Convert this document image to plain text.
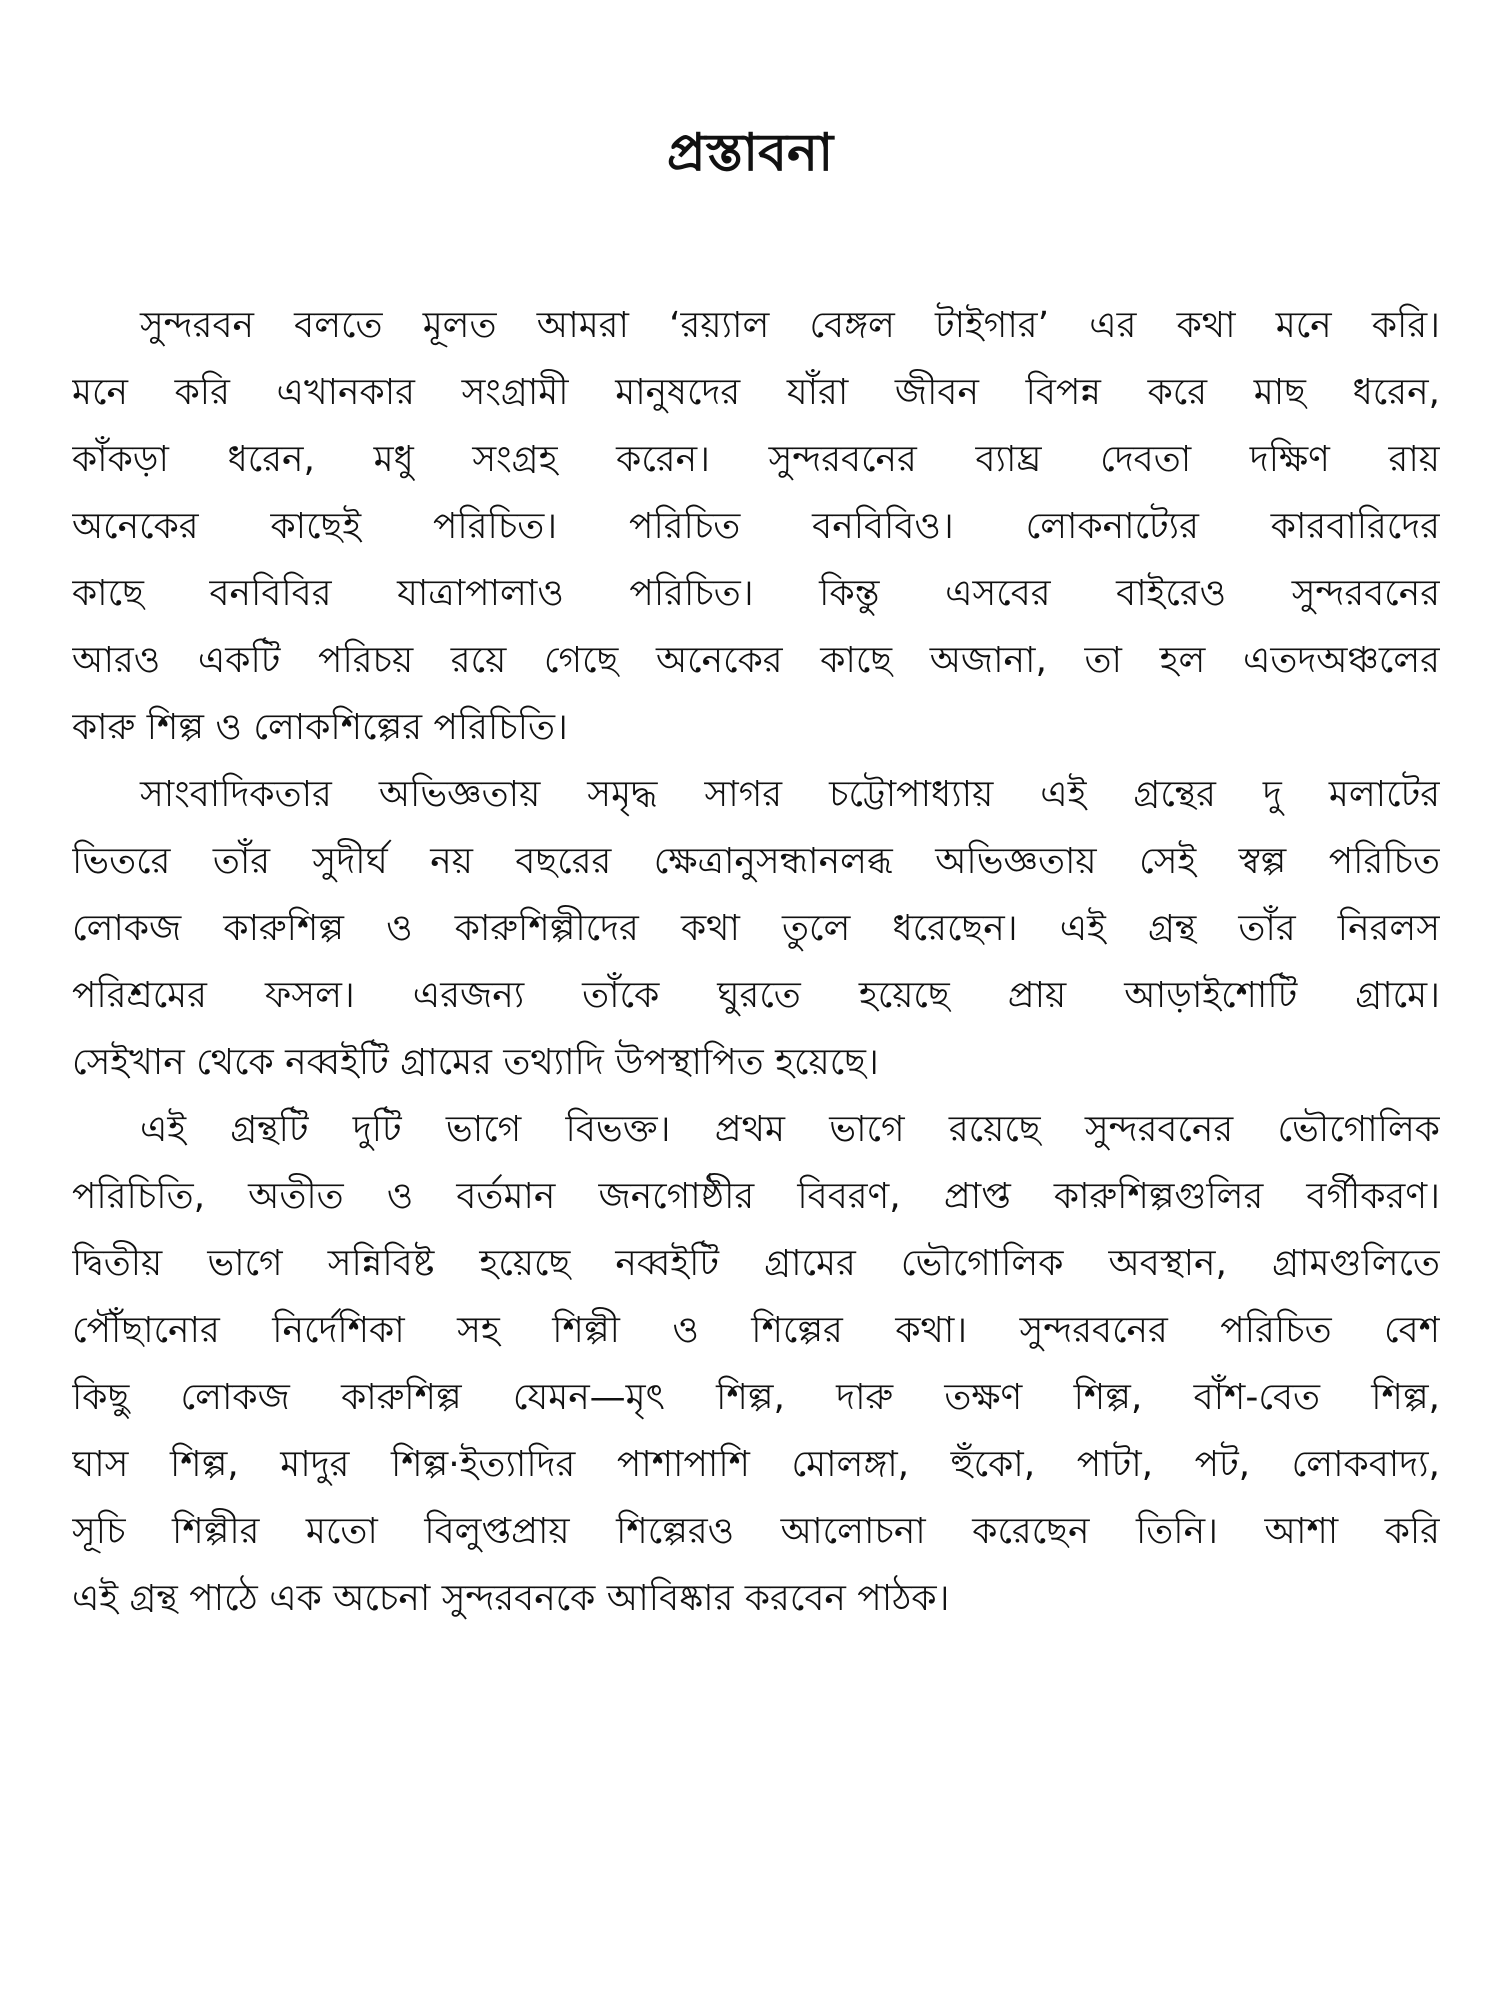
প্রস্তাবনা
সুন্দরবন বলতে মূলত আমরা ‘রয়্যাল বেঙ্গল টাইগার’ এর কথা মনে করি।
মনে করি এখানকার সংগ্রামী মানুষদের যাঁরা জীবন বিপন্ন করে মাছ ধরেন,
কাঁকড়া ধরেন, মধু সংগ্রহ করেন। সুন্দরবনের ব্যাঘ্র দেবতা দক্ষিণ রায়
অনেকের কাছেই পরিচিত। পরিচিত বনবিবিও। লোকনাট্যের কারবারিদের
কাছে বনবিবির যাত্রাপালাও পরিচিত। কিন্তু এসবের বাইরেও সুন্দরবনের
আরও একটি পরিচয় রয়ে গেছে অনেকের কাছে অজানা, তা হল এতদঅঞ্চলের
কারু শিল্প ও লোকশিল্পের পরিচিতি।
সাংবাদিকতার অভিজ্ঞতায় সমৃদ্ধ সাগর চট্টোপাধ্যায় এই গ্রন্থের দু মলাটের
ভিতরে তাঁর সুদীর্ঘ নয় বছরের ক্ষেত্রানুসন্ধানলব্ধ অভিজ্ঞতায় সেই স্বল্প পরিচিত
লোকজ কারুশিল্প ও কারুশিল্পীদের কথা তুলে ধরেছেন। এই গ্রন্থ তাঁর নিরলস
পরিশ্রমের ফসল। এরজন্য তাঁকে ঘুরতে হয়েছে প্রায় আড়াইশোটি গ্রামে।
সেইখান থেকে নব্বইটি গ্রামের তথ্যাদি উপস্থাপিত হয়েছে।
এই গ্রন্থটি দুটি ভাগে বিভক্ত। প্রথম ভাগে রয়েছে সুন্দরবনের ভৌগোলিক
পরিচিতি, অতীত ও বর্তমান জনগোষ্ঠীর বিবরণ, প্রাপ্ত কারুশিল্পগুলির বর্গীকরণ।
দ্বিতীয় ভাগে সন্নিবিষ্ট হয়েছে নব্বইটি গ্রামের ভৌগোলিক অবস্থান, গ্রামগুলিতে
পৌঁছানোর নির্দেশিকা সহ শিল্পী ও শিল্পের কথা। সুন্দরবনের পরিচিত বেশ
কিছু লোকজ কারুশিল্প যেমন—মৃৎ শিল্প, দারু তক্ষণ শিল্প, বাঁশ-বেত শিল্প,
ঘাস শিল্প, মাদুর শিল্প·ইত্যাদির পাশাপাশি মোলঙ্গা, হুঁকো, পাটা, পট, লোকবাদ্য,
সূচি শিল্পীর মতো বিলুপ্তপ্রায় শিল্পেরও আলোচনা করেছেন তিনি। আশা করি
এই গ্রন্থ পাঠে এক অচেনা সুন্দরবনকে আবিষ্কার করবেন পাঠক।
